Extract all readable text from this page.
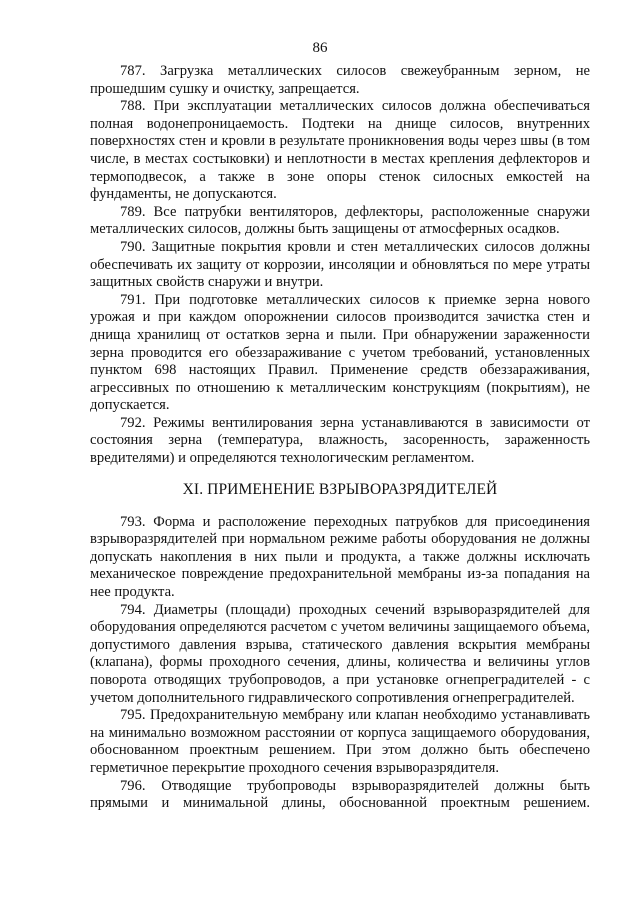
86

787. Загрузка металлических силосов свежеубранным зерном, не прошедшим сушку и очистку, запрещается.

788. При эксплуатации металлических силосов должна обеспечиваться полная водонепроницаемость. Подтеки на днище силосов, внутренних поверхностях стен и кровли в результате проникновения воды через швы (в том числе, в местах состыковки) и неплотности в местах крепления дефлекторов и термоподвесок, а также в зоне опоры стенок силосных емкостей на фундаменты, не допускаются.

789. Все патрубки вентиляторов, дефлекторы, расположенные снаружи металлических силосов, должны быть защищены от атмосферных осадков.

790. Защитные покрытия кровли и стен металлических силосов должны обеспечивать их защиту от коррозии, инсоляции и обновляться по мере утраты защитных свойств снаружи и внутри.

791. При подготовке металлических силосов к приемке зерна нового урожая и при каждом опорожнении силосов производится зачистка стен и днища хранилищ от остатков зерна и пыли. При обнаружении зараженности зерна проводится его обеззараживание с учетом требований, установленных пунктом 698 настоящих Правил. Применение средств обеззараживания, агрессивных по отношению к металлическим конструкциям (покрытиям), не допускается.

792. Режимы вентилирования зерна устанавливаются в зависимости от состояния зерна (температура, влажность, засоренность, зараженность вредителями) и определяются технологическим регламентом.

XI. ПРИМЕНЕНИЕ ВЗРЫВОРАЗРЯДИТЕЛЕЙ

793. Форма и расположение переходных патрубков для присоединения взрыворазрядителей при нормальном режиме работы оборудования не должны допускать накопления в них пыли и продукта, а также должны исключать механическое повреждение предохранительной мембраны из-за попадания на нее продукта.

794. Диаметры (площади) проходных сечений взрыворазрядителей для оборудования определяются расчетом с учетом величины защищаемого объема, допустимого давления взрыва, статического давления вскрытия мембраны (клапана), формы проходного сечения, длины, количества и величины углов поворота отводящих трубопроводов, а при установке огнепреградителей - с учетом дополнительного гидравлического сопротивления огнепреградителей.

795. Предохранительную мембрану или клапан необходимо устанавливать на минимально возможном расстоянии от корпуса защищаемого оборудования, обоснованном проектным решением. При этом должно быть обеспечено герметичное перекрытие проходного сечения взрыворазрядителя.

796. Отводящие трубопроводы взрыворазрядителей должны быть прямыми и минимальной длины, обоснованной проектным решением.
